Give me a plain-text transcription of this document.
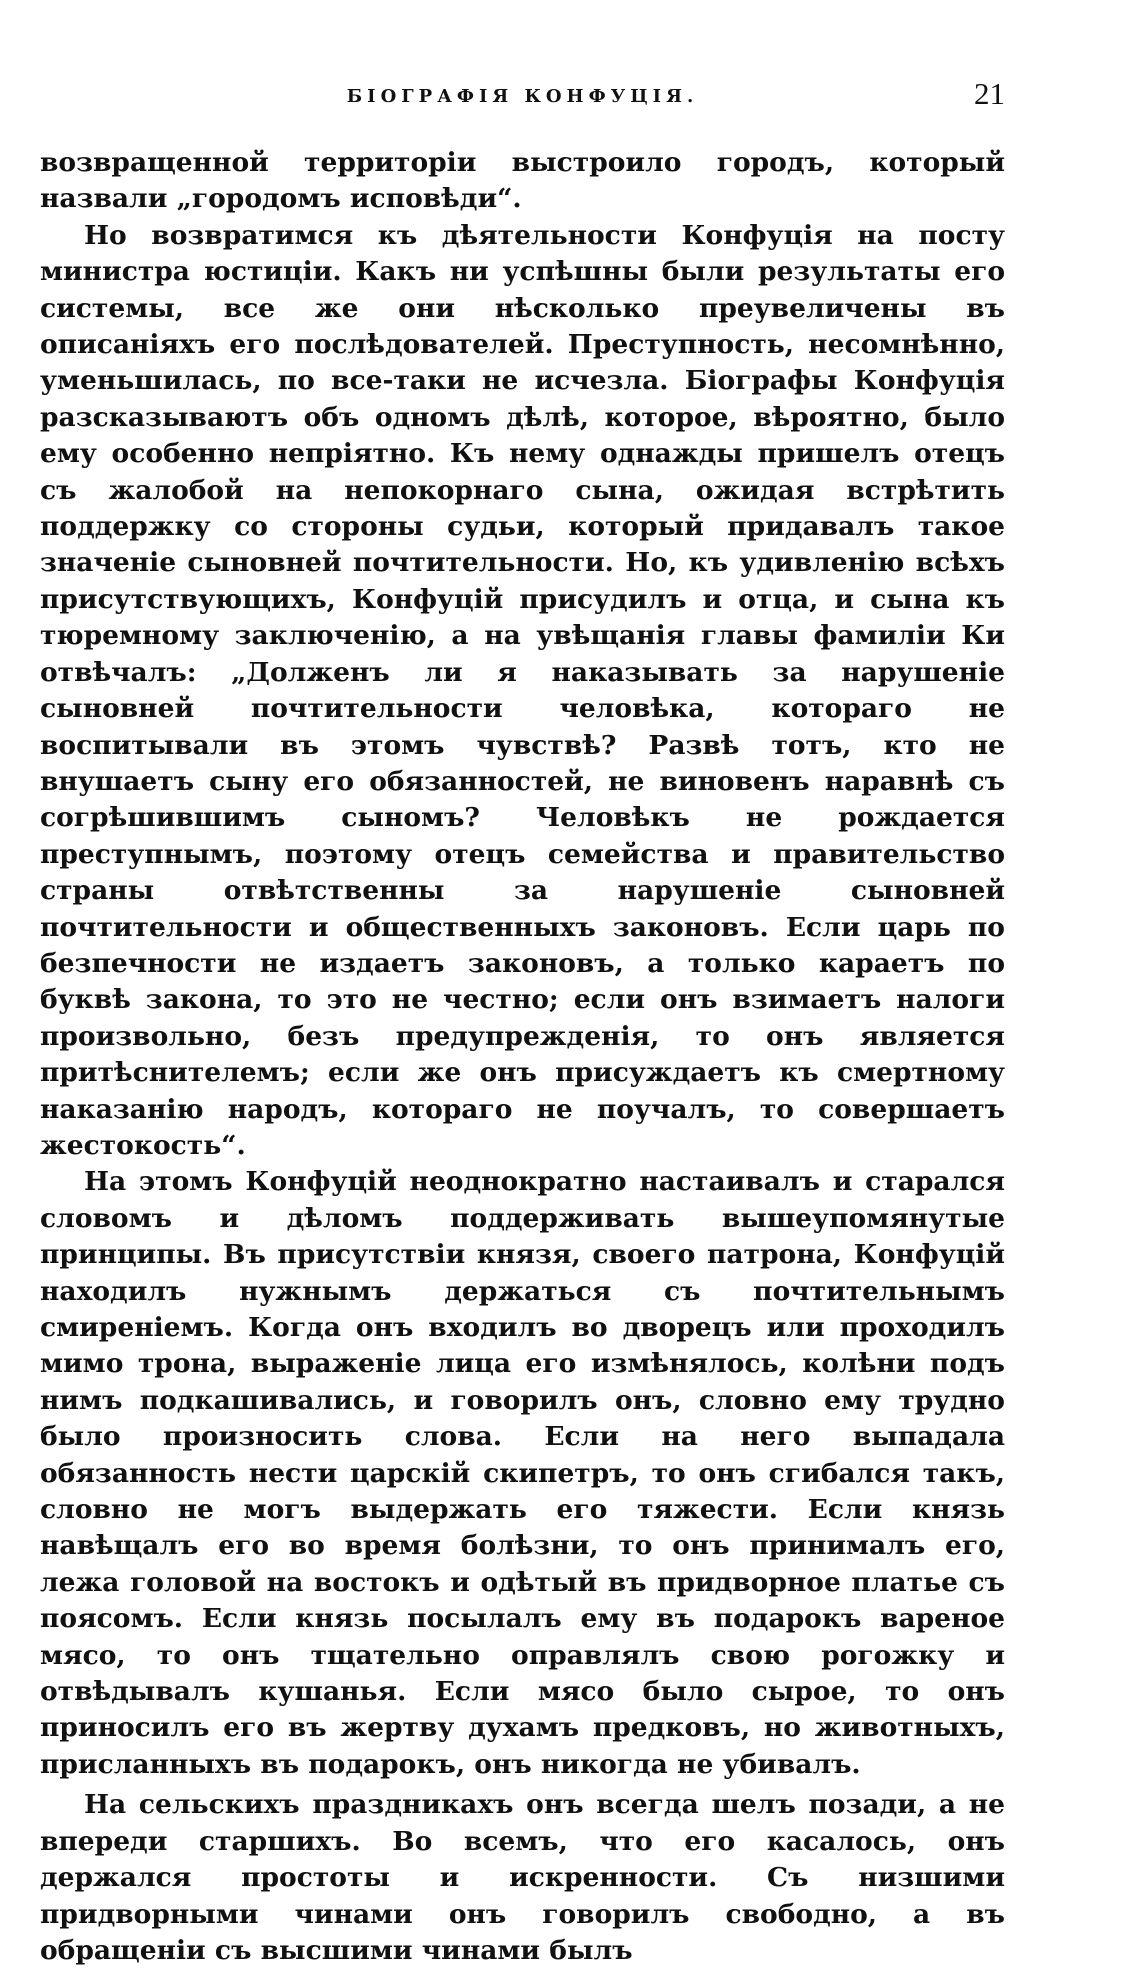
БІОГРАФІЯ КОНФУЦІЯ.	21

возвращенной территоріи выстроило городъ, который назвали „городомъ исповѣди“.

Но возвратимся къ дѣятельности Конфуція на посту министра юстиціи. Какъ ни успѣшны были результаты его системы, все же они нѣсколько преувеличены въ описаніяхъ его послѣдователей. Преступность, несомнѣнно, уменьшилась, по все-таки не исчезла. Біографы Конфуція разсказываютъ объ одномъ дѣлѣ, которое, вѣроятно, было ему особенно непріятно. Къ нему однажды пришелъ отецъ съ жалобой на непокорнаго сына, ожидая встрѣтить поддержку со стороны судьи, который придавалъ такое значеніе сыновней почтительности. Но, къ удивленію всѣхъ присутствующихъ, Конфуцій присудилъ и отца, и сына къ тюремному заключенію, а на увѣщанія главы фамиліи Ки отвѣчалъ: „Долженъ ли я наказывать за нарушеніе сыновней почтительности человѣка, котораго не воспитывали въ этомъ чувствѣ? Развѣ тотъ, кто не внушаетъ сыну его обязанностей, не виновенъ наравнѣ съ согрѣшившимъ сыномъ? Человѣкъ не рождается преступнымъ, поэтому отецъ семейства и правительство страны отвѣтственны за нарушеніе сыновней почтительности и общественныхъ законовъ. Если царь по безпечности не издаетъ законовъ, а только караетъ по буквѣ закона, то это не честно; если онъ взимаетъ налоги произвольно, безъ предупрежденія, то онъ является притѣснителемъ; если же онъ присуждаетъ къ смертному наказанію народъ, котораго не поучалъ, то совершаетъ жестокость“.

На этомъ Конфуцій неоднократно настаивалъ и старался словомъ и дѣломъ поддерживать вышеупомянутые принципы. Въ присутствіи князя, своего патрона, Конфуцій находилъ нужнымъ держаться съ почтительнымъ смиреніемъ. Когда онъ входилъ во дворецъ или проходилъ мимо трона, выраженіе лица его измѣнялось, колѣни подъ нимъ подкашивались, и говорилъ онъ, словно ему трудно было произносить слова. Если на него выпадала обязанность нести царскій скипетръ, то онъ сгибался такъ, словно не могъ выдержать его тяжести. Если князь навѣщалъ его во время болѣзни, то онъ принималъ его, лежа головой на востокъ и одѣтый въ придворное платье съ поясомъ. Если князь посылалъ ему въ подарокъ вареное мясо, то онъ тщательно оправлялъ свою рогожку и отвѣдывалъ кушанья. Если мясо было сырое, то онъ приносилъ его въ жертву духамъ предковъ, но животныхъ, присланныхъ въ подарокъ, онъ никогда не убивалъ.

На сельскихъ праздникахъ онъ всегда шелъ позади, а не впереди старшихъ. Во всемъ, что его касалось, онъ держался простоты и искренности. Съ низшими придворными чинами онъ говорилъ свободно, а въ обращеніи съ высшими чинами былъ
